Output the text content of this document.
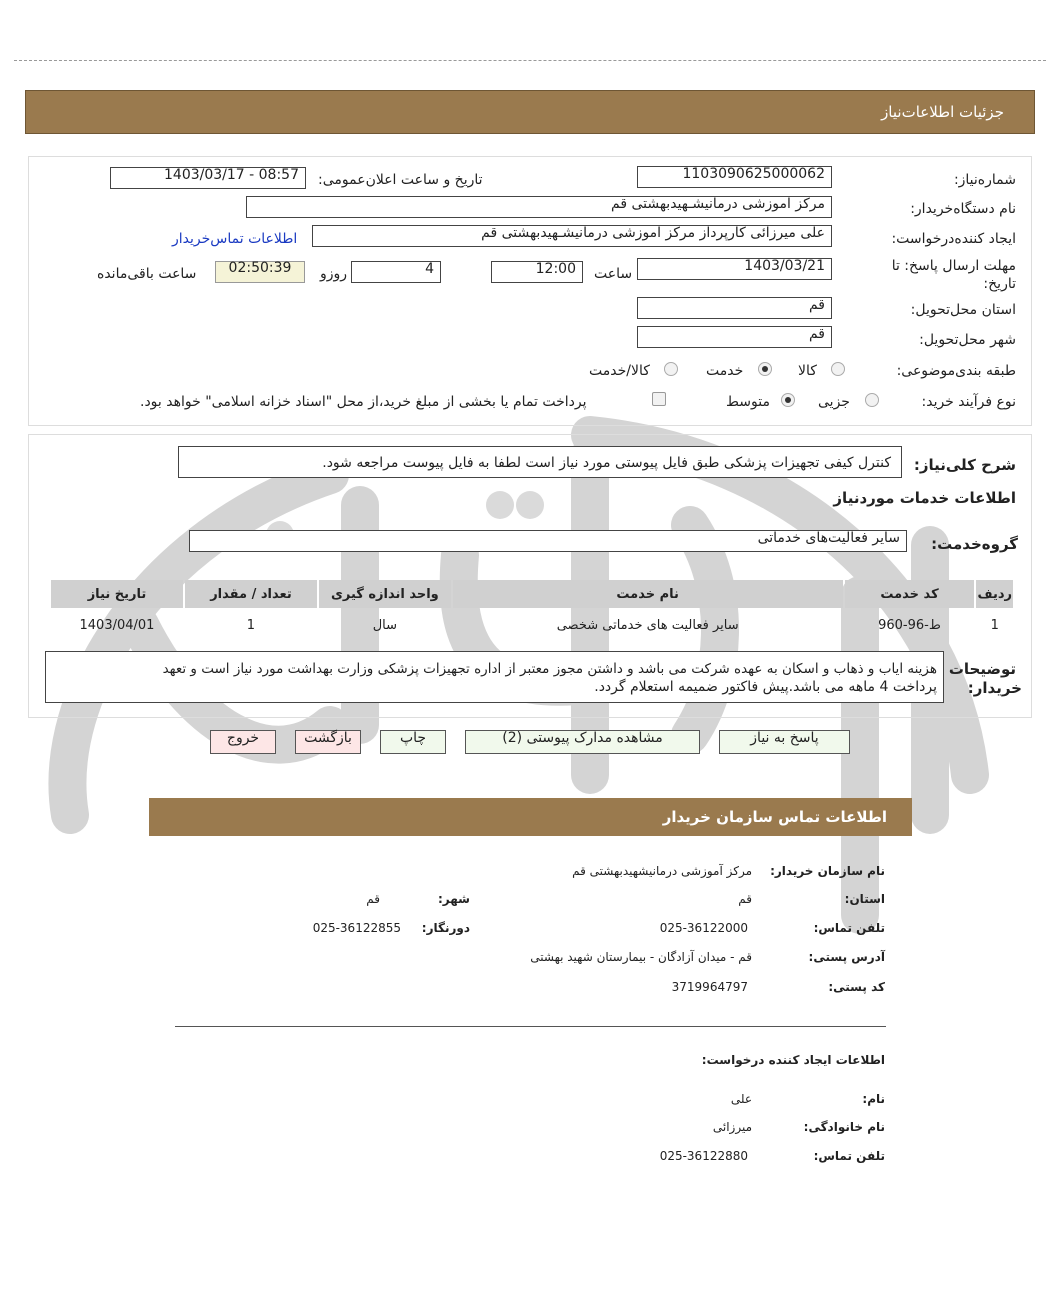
جزئیات اطلاعات‌نیاز
شماره‌نیاز:
1103090625000062
تاریخ و ساعت اعلان‌عمومی:
1403/03/17 - 08:57
نام دستگاه‌خریدار:
مرکز آموزشی درمانیشـهیدبهشتی قم
ایجاد کننده‌درخواست:
علی میرزائی کارپرداز مرکز آموزشی درمانیشـهیدبهشتی قم
اطلاعات تماس‌خریدار
مهلت ارسال پاسخ: تا
تاریخ:
1403/03/21
ساعت
12:00
4
روزو
02:50:39
ساعت باقی‌مانده
استان محل‌تحویل:
قم
شهر محل‌تحویل:
قم
طبقه بندی‌موضوعی:
کالا
خدمت
کالا/خدمت
نوع فرآیند خرید:
جزیی
متوسط
پرداخت تمام یا بخشی از مبلغ خرید،از محل "اسناد خزانه اسلامی" خواهد بود.
شرح کلی‌نیاز:
کنترل کیفی تجهیزات پزشکی طبق فایل پیوستی مورد نیاز است لطفا به فایل پیوست مراجعه شود.
اطلاعات خدمات موردنیاز
گروه‌خدمت:
سایر فعالیت‌های خدماتی
ردیف	کد خدمت	نام خدمت	واحد اندازه گیری	تعداد / مقدار	تاریخ نیاز
1	ط-96-960	سایر فعالیت های خدماتی شخصی	سال	1	1403/04/01
توضیحات
خریدار:
هزینه ایاب و ذهاب و اسکان به عهده شرکت می باشد و داشتن مجوز معتبر از اداره تجهیزات پزشکی وزارت بهداشت مورد نیاز است و تعهد
پرداخت 4 ماهه می باشد.پیش فاکتور ضمیمه استعلام گردد.
پاسخ به نیاز
مشاهده مدارک پیوستی (2)
چاپ
بازگشت
خروج
اطلاعات تماس سازمان خریدار
نام سازمان خریدار:
مرکز آموزشی درمانیشهیدبهشتی قم
استان:
قم
شهر:
قم
تلفن تماس:
025-36122000
دورنگار:
025-36122855
آدرس پستی:
قم - میدان آزادگان - بیمارستان شهید بهشتی
کد پستی:
3719964797
اطلاعات ایجاد کننده درخواست:
نام:
علی
نام خانوادگی:
میرزائی
تلفن تماس:
025-36122880
